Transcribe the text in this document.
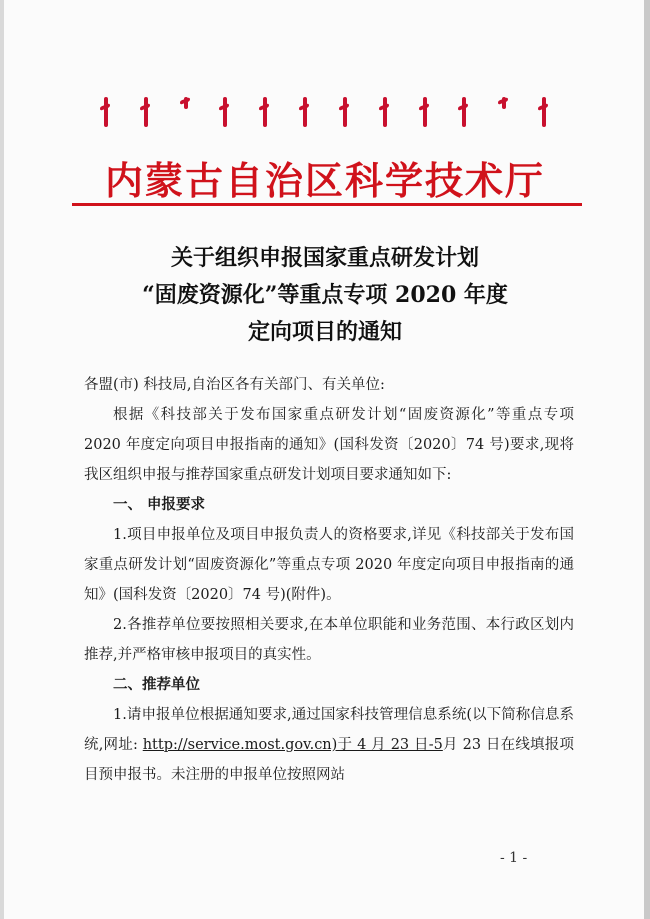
内蒙古自治区科学技术厅
关于组织申报国家重点研发计划
“固废资源化”等重点专项 2020 年度
定向项目的通知

各盟(市) 科技局,自治区各有关部门、有关单位:

根据《科技部关于发布国家重点研发计划“固废资源化”等重点专项 2020 年度定向项目申报指南的通知》(国科发资〔2020〕74 号)要求,现将我区组织申报与推荐国家重点研发计划项目要求通知如下:

一、 申报要求

1.项目申报单位及项目申报负责人的资格要求,详见《科技部关于发布国家重点研发计划“固废资源化”等重点专项 2020 年度定向项目申报指南的通知》(国科发资〔2020〕74 号)(附件)。

2.各推荐单位要按照相关要求,在本单位职能和业务范围、本行政区划内推荐,并严格审核申报项目的真实性。

二、推荐单位

1.请申报单位根据通知要求,通过国家科技管理信息系统(以下简称信息系统,网址: http://service.most.gov.cn)于 4 月 23 日-5月 23 日在线填报项目预申报书。未注册的申报单位按照网站

- 1 -
